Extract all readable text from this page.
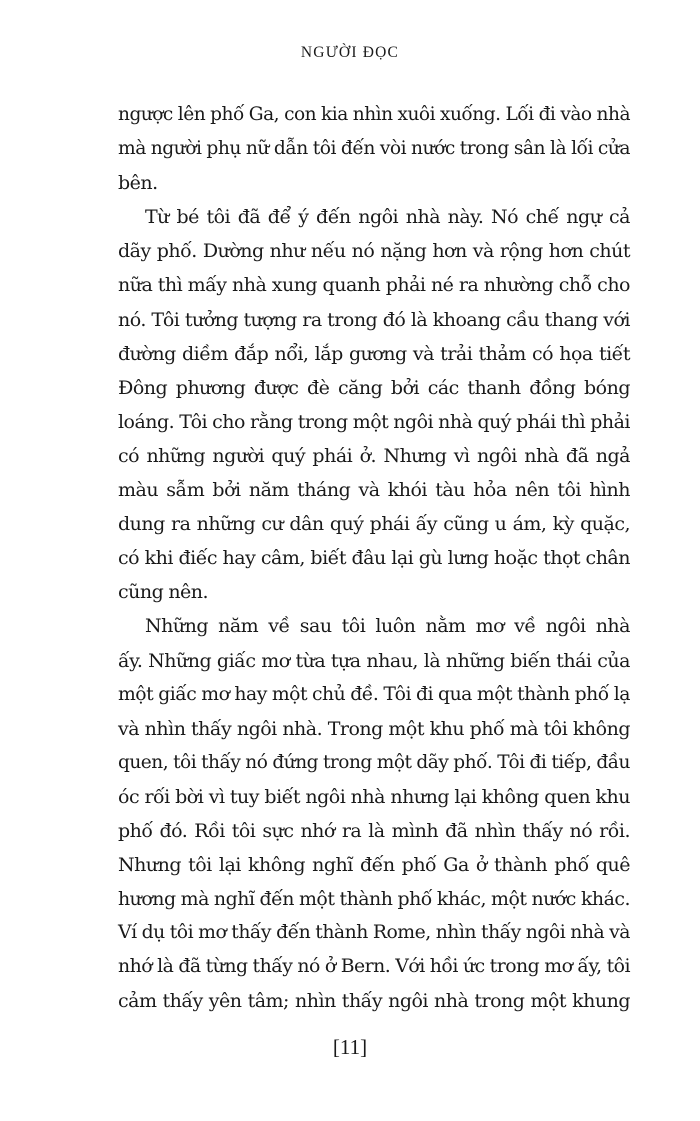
NGƯỜI ĐỌC
ngược lên phố Ga, con kia nhìn xuôi xuống. Lối đi vào nhà
mà người phụ nữ dẫn tôi đến vòi nước trong sân là lối cửa
bên.
Từ bé tôi đã để ý đến ngôi nhà này. Nó chế ngự cả
dãy phố. Dường như nếu nó nặng hơn và rộng hơn chút
nữa thì mấy nhà xung quanh phải né ra nhường chỗ cho
nó. Tôi tưởng tượng ra trong đó là khoang cầu thang với
đường diềm đắp nổi, lắp gương và trải thảm có họa tiết
Đông phương được đè căng bởi các thanh đồng bóng
loáng. Tôi cho rằng trong một ngôi nhà quý phái thì phải
có những người quý phái ở. Nhưng vì ngôi nhà đã ngả
màu sẫm bởi năm tháng và khói tàu hỏa nên tôi hình
dung ra những cư dân quý phái ấy cũng u ám, kỳ quặc,
có khi điếc hay câm, biết đâu lại gù lưng hoặc thọt chân
cũng nên.
Những năm về sau tôi luôn nằm mơ về ngôi nhà
ấy. Những giấc mơ từa tựa nhau, là những biến thái của
một giấc mơ hay một chủ đề. Tôi đi qua một thành phố lạ
và nhìn thấy ngôi nhà. Trong một khu phố mà tôi không
quen, tôi thấy nó đứng trong một dãy phố. Tôi đi tiếp, đầu
óc rối bời vì tuy biết ngôi nhà nhưng lại không quen khu
phố đó. Rồi tôi sực nhớ ra là mình đã nhìn thấy nó rồi.
Nhưng tôi lại không nghĩ đến phố Ga ở thành phố quê
hương mà nghĩ đến một thành phố khác, một nước khác.
Ví dụ tôi mơ thấy đến thành Rome, nhìn thấy ngôi nhà và
nhớ là đã từng thấy nó ở Bern. Với hồi ức trong mơ ấy, tôi
cảm thấy yên tâm; nhìn thấy ngôi nhà trong một khung
[11]
